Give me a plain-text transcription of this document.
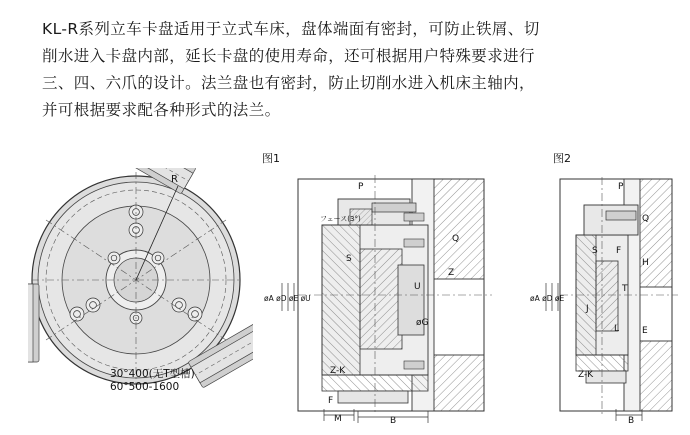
KL-R系列立车卡盘适用于立式车床，盘体端面有密封，可防止铁屑、切
削水进入卡盘内部，延长卡盘的使用寿命，还可根据用户特殊要求进行
三、四、六爪的设计。法兰盘也有密封，防止切削水进入机床主轴内，
并可根据要求配各种形式的法兰。
图1	图2
R
30°400(无T型槽)
60°500-1600
P
フェース(3°)
S
Q
Z
U
øG
øA øD øE øU
Z-K
F
M	B
P
Q
S F
H
T
J
L	E
øA øD øE
Z-K
B
